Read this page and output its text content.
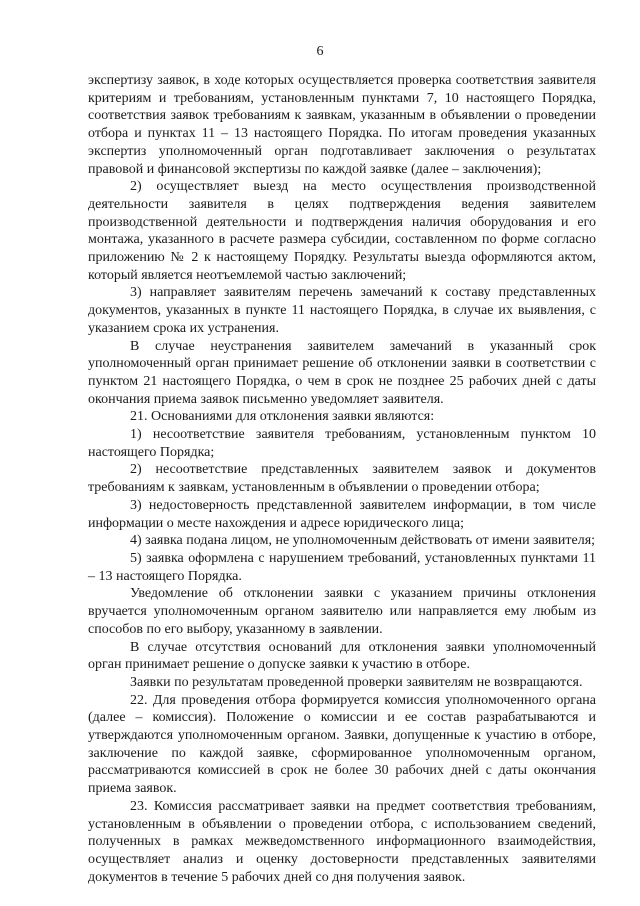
6

экспертизу заявок, в ходе которых осуществляется проверка соответствия заявителя критериям и требованиям, установленным пунктами 7, 10 настоящего Порядка, соответствия заявок требованиям к заявкам, указанным в объявлении о проведении отбора и пунктах 11 – 13 настоящего Порядка. По итогам проведения указанных экспертиз уполномоченный орган подготавливает заключения о результатах правовой и финансовой экспертизы по каждой заявке (далее – заключения);

2) осуществляет выезд на место осуществления производственной деятельности заявителя в целях подтверждения ведения заявителем производственной деятельности и подтверждения наличия оборудования и его монтажа, указанного в расчете размера субсидии, составленном по форме согласно приложению № 2 к настоящему Порядку. Результаты выезда оформляются актом, который является неотъемлемой частью заключений;

3) направляет заявителям перечень замечаний к составу представленных документов, указанных в пункте 11 настоящего Порядка, в случае их выявления, с указанием срока их устранения.

В случае неустранения заявителем замечаний в указанный срок уполномоченный орган принимает решение об отклонении заявки в соответствии с пунктом 21 настоящего Порядка, о чем в срок не позднее 25 рабочих дней с даты окончания приема заявок письменно уведомляет заявителя.

21. Основаниями для отклонения заявки являются:

1) несоответствие заявителя требованиям, установленным пунктом 10 настоящего Порядка;

2) несоответствие представленных заявителем заявок и документов требованиям к заявкам, установленным в объявлении о проведении отбора;

3) недостоверность представленной заявителем информации, в том числе информации о месте нахождения и адресе юридического лица;

4) заявка подана лицом, не уполномоченным действовать от имени заявителя;

5) заявка оформлена с нарушением требований, установленных пунктами 11 – 13 настоящего Порядка.

Уведомление об отклонении заявки с указанием причины отклонения вручается уполномоченным органом заявителю или направляется ему любым из способов по его выбору, указанному в заявлении.

В случае отсутствия оснований для отклонения заявки уполномоченный орган принимает решение о допуске заявки к участию в отборе.

Заявки по результатам проведенной проверки заявителям не возвращаются.

22. Для проведения отбора формируется комиссия уполномоченного органа (далее – комиссия). Положение о комиссии и ее состав разрабатываются и утверждаются уполномоченным органом. Заявки, допущенные к участию в отборе, заключение по каждой заявке, сформированное уполномоченным органом, рассматриваются комиссией в срок не более 30 рабочих дней с даты окончания приема заявок.

23. Комиссия рассматривает заявки на предмет соответствия требованиям, установленным в объявлении о проведении отбора, с использованием сведений, полученных в рамках межведомственного информационного взаимодействия, осуществляет анализ и оценку достоверности представленных заявителями документов в течение 5 рабочих дней со дня получения заявок.
